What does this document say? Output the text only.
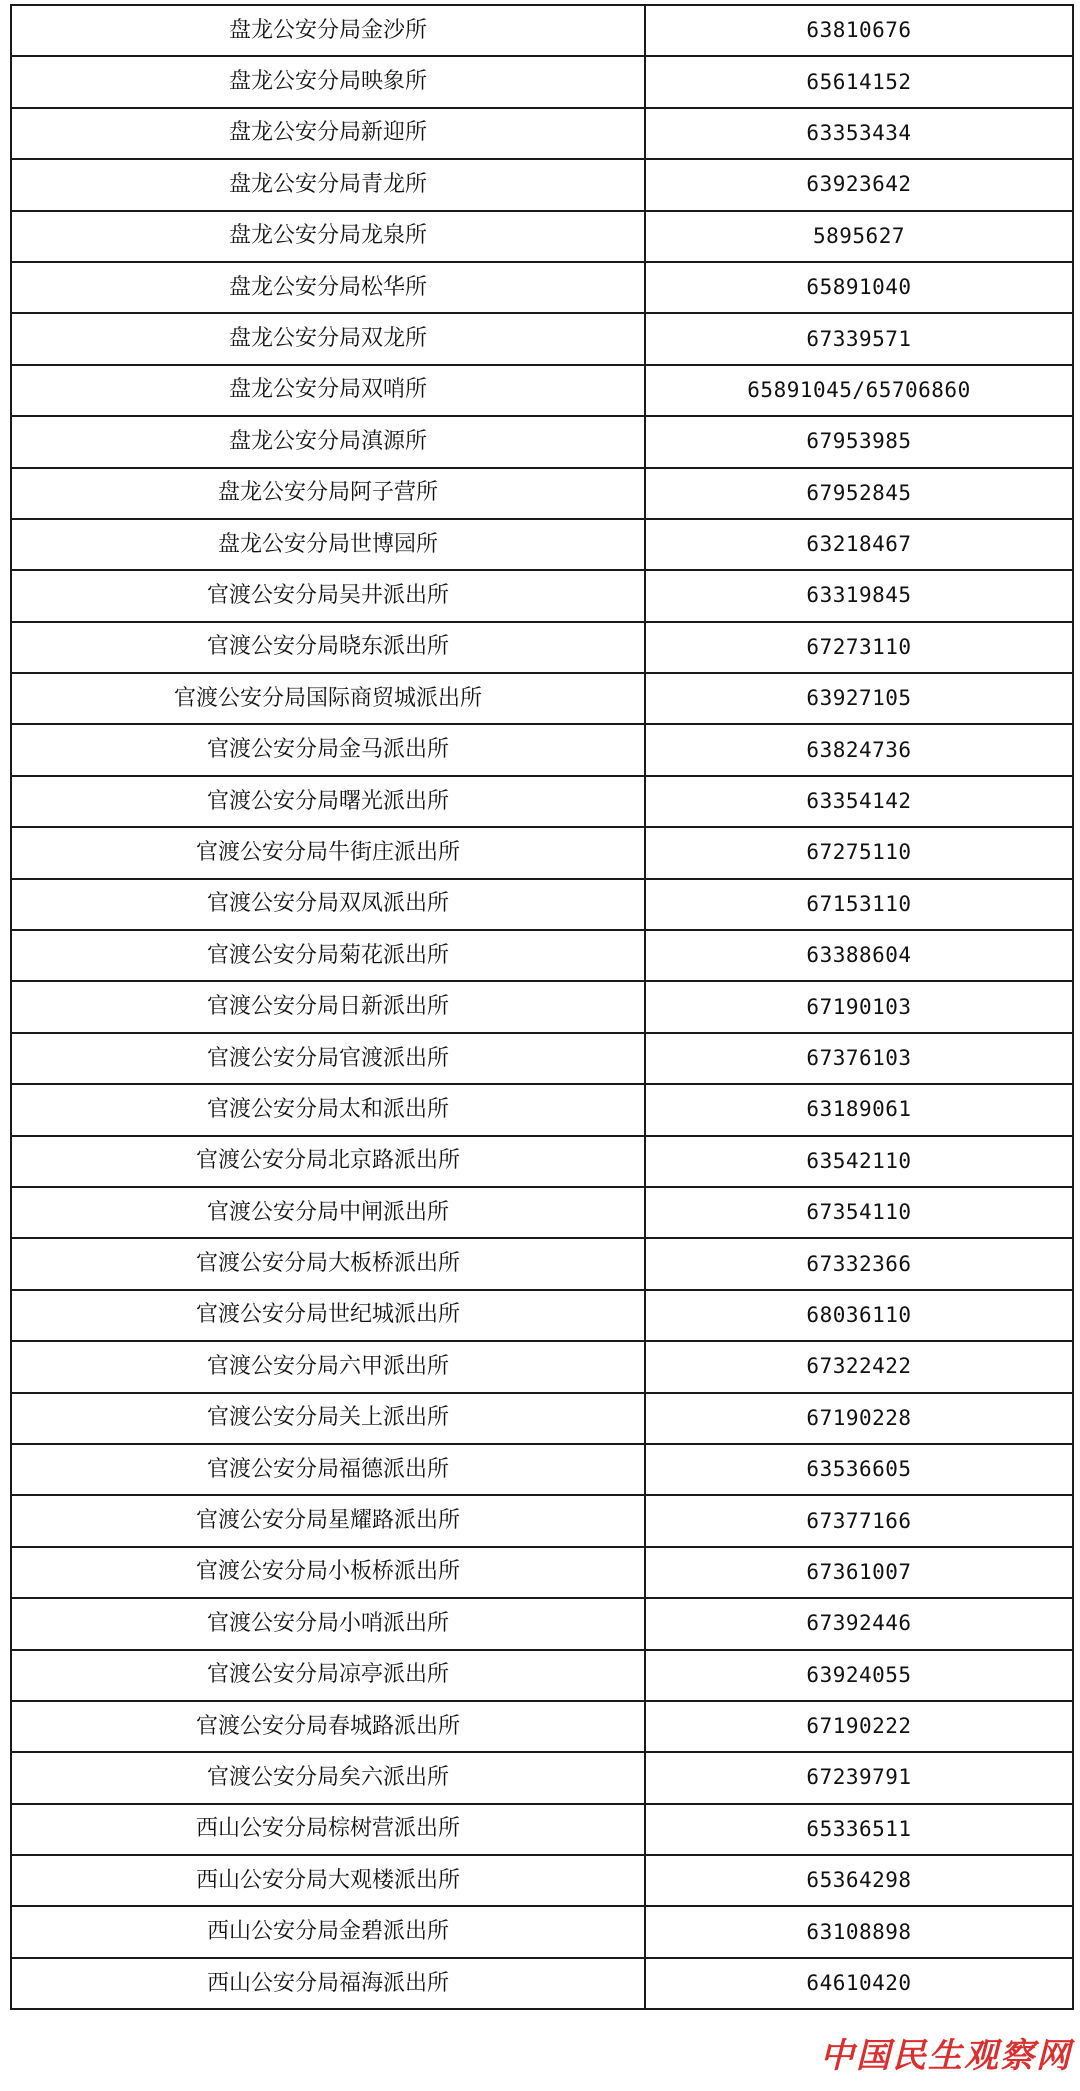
盘龙公安分局金沙所	63810676
盘龙公安分局映象所	65614152
盘龙公安分局新迎所	63353434
盘龙公安分局青龙所	63923642
盘龙公安分局龙泉所	5895627
盘龙公安分局松华所	65891040
盘龙公安分局双龙所	67339571
盘龙公安分局双哨所	65891045/65706860
盘龙公安分局滇源所	67953985
盘龙公安分局阿子营所	67952845
盘龙公安分局世博园所	63218467
官渡公安分局吴井派出所	63319845
官渡公安分局晓东派出所	67273110
官渡公安分局国际商贸城派出所	63927105
官渡公安分局金马派出所	63824736
官渡公安分局曙光派出所	63354142
官渡公安分局牛街庄派出所	67275110
官渡公安分局双凤派出所	67153110
官渡公安分局菊花派出所	63388604
官渡公安分局日新派出所	67190103
官渡公安分局官渡派出所	67376103
官渡公安分局太和派出所	63189061
官渡公安分局北京路派出所	63542110
官渡公安分局中闸派出所	67354110
官渡公安分局大板桥派出所	67332366
官渡公安分局世纪城派出所	68036110
官渡公安分局六甲派出所	67322422
官渡公安分局关上派出所	67190228
官渡公安分局福德派出所	63536605
官渡公安分局星耀路派出所	67377166
官渡公安分局小板桥派出所	67361007
官渡公安分局小哨派出所	67392446
官渡公安分局凉亭派出所	63924055
官渡公安分局春城路派出所	67190222
官渡公安分局矣六派出所	67239791
西山公安分局棕树营派出所	65336511
西山公安分局大观楼派出所	65364298
西山公安分局金碧派出所	63108898
西山公安分局福海派出所	64610420
中国民生观察网
